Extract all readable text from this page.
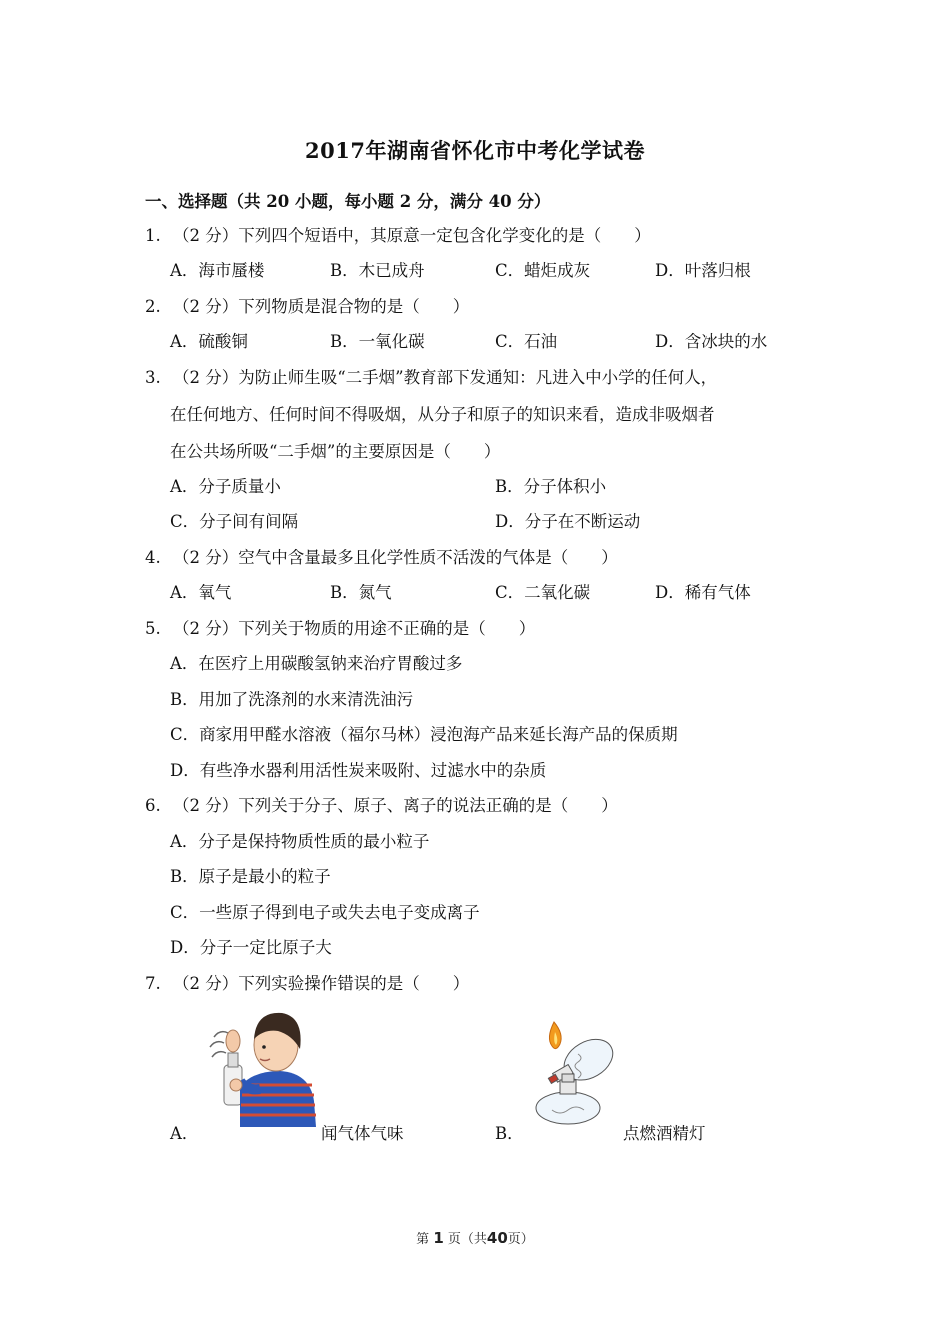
2017年湖南省怀化市中考化学试卷
一、选择题（共 20 小题，每小题 2 分，满分 40 分）
1. （2 分）下列四个短语中，其原意一定包含化学变化的是（　　）
A．海市蜃楼	B．木已成舟	C．蜡炬成灰	D．叶落归根
2. （2 分）下列物质是混合物的是（　　）
A．硫酸铜	B．一氧化碳	C．石油	D．含冰块的水
3. （2 分）为防止师生吸“二手烟”教育部下发通知：凡进入中小学的任何人，
在任何地方、任何时间不得吸烟，从分子和原子的知识来看，造成非吸烟者
在公共场所吸“二手烟”的主要原因是（　　）
A．分子质量小	B．分子体积小
C．分子间有间隔	D．分子在不断运动
4. （2 分）空气中含量最多且化学性质不活泼的气体是（　　）
A．氧气	B．氮气	C．二氧化碳	D．稀有气体
5. （2 分）下列关于物质的用途不正确的是（　　）
A．在医疗上用碳酸氢钠来治疗胃酸过多
B．用加了洗涤剂的水来清洗油污
C．商家用甲醛水溶液（福尔马林）浸泡海产品来延长海产品的保质期
D．有些净水器利用活性炭来吸附、过滤水中的杂质
6. （2 分）下列关于分子、原子、离子的说法正确的是（　　）
A．分子是保持物质性质的最小粒子
B．原子是最小的粒子
C．一些原子得到电子或失去电子变成离子
D．分子一定比原子大
7. （2 分）下列实验操作错误的是（　　）
A．	闻气体气味	B．	点燃酒精灯
第 1 页（共40页）
